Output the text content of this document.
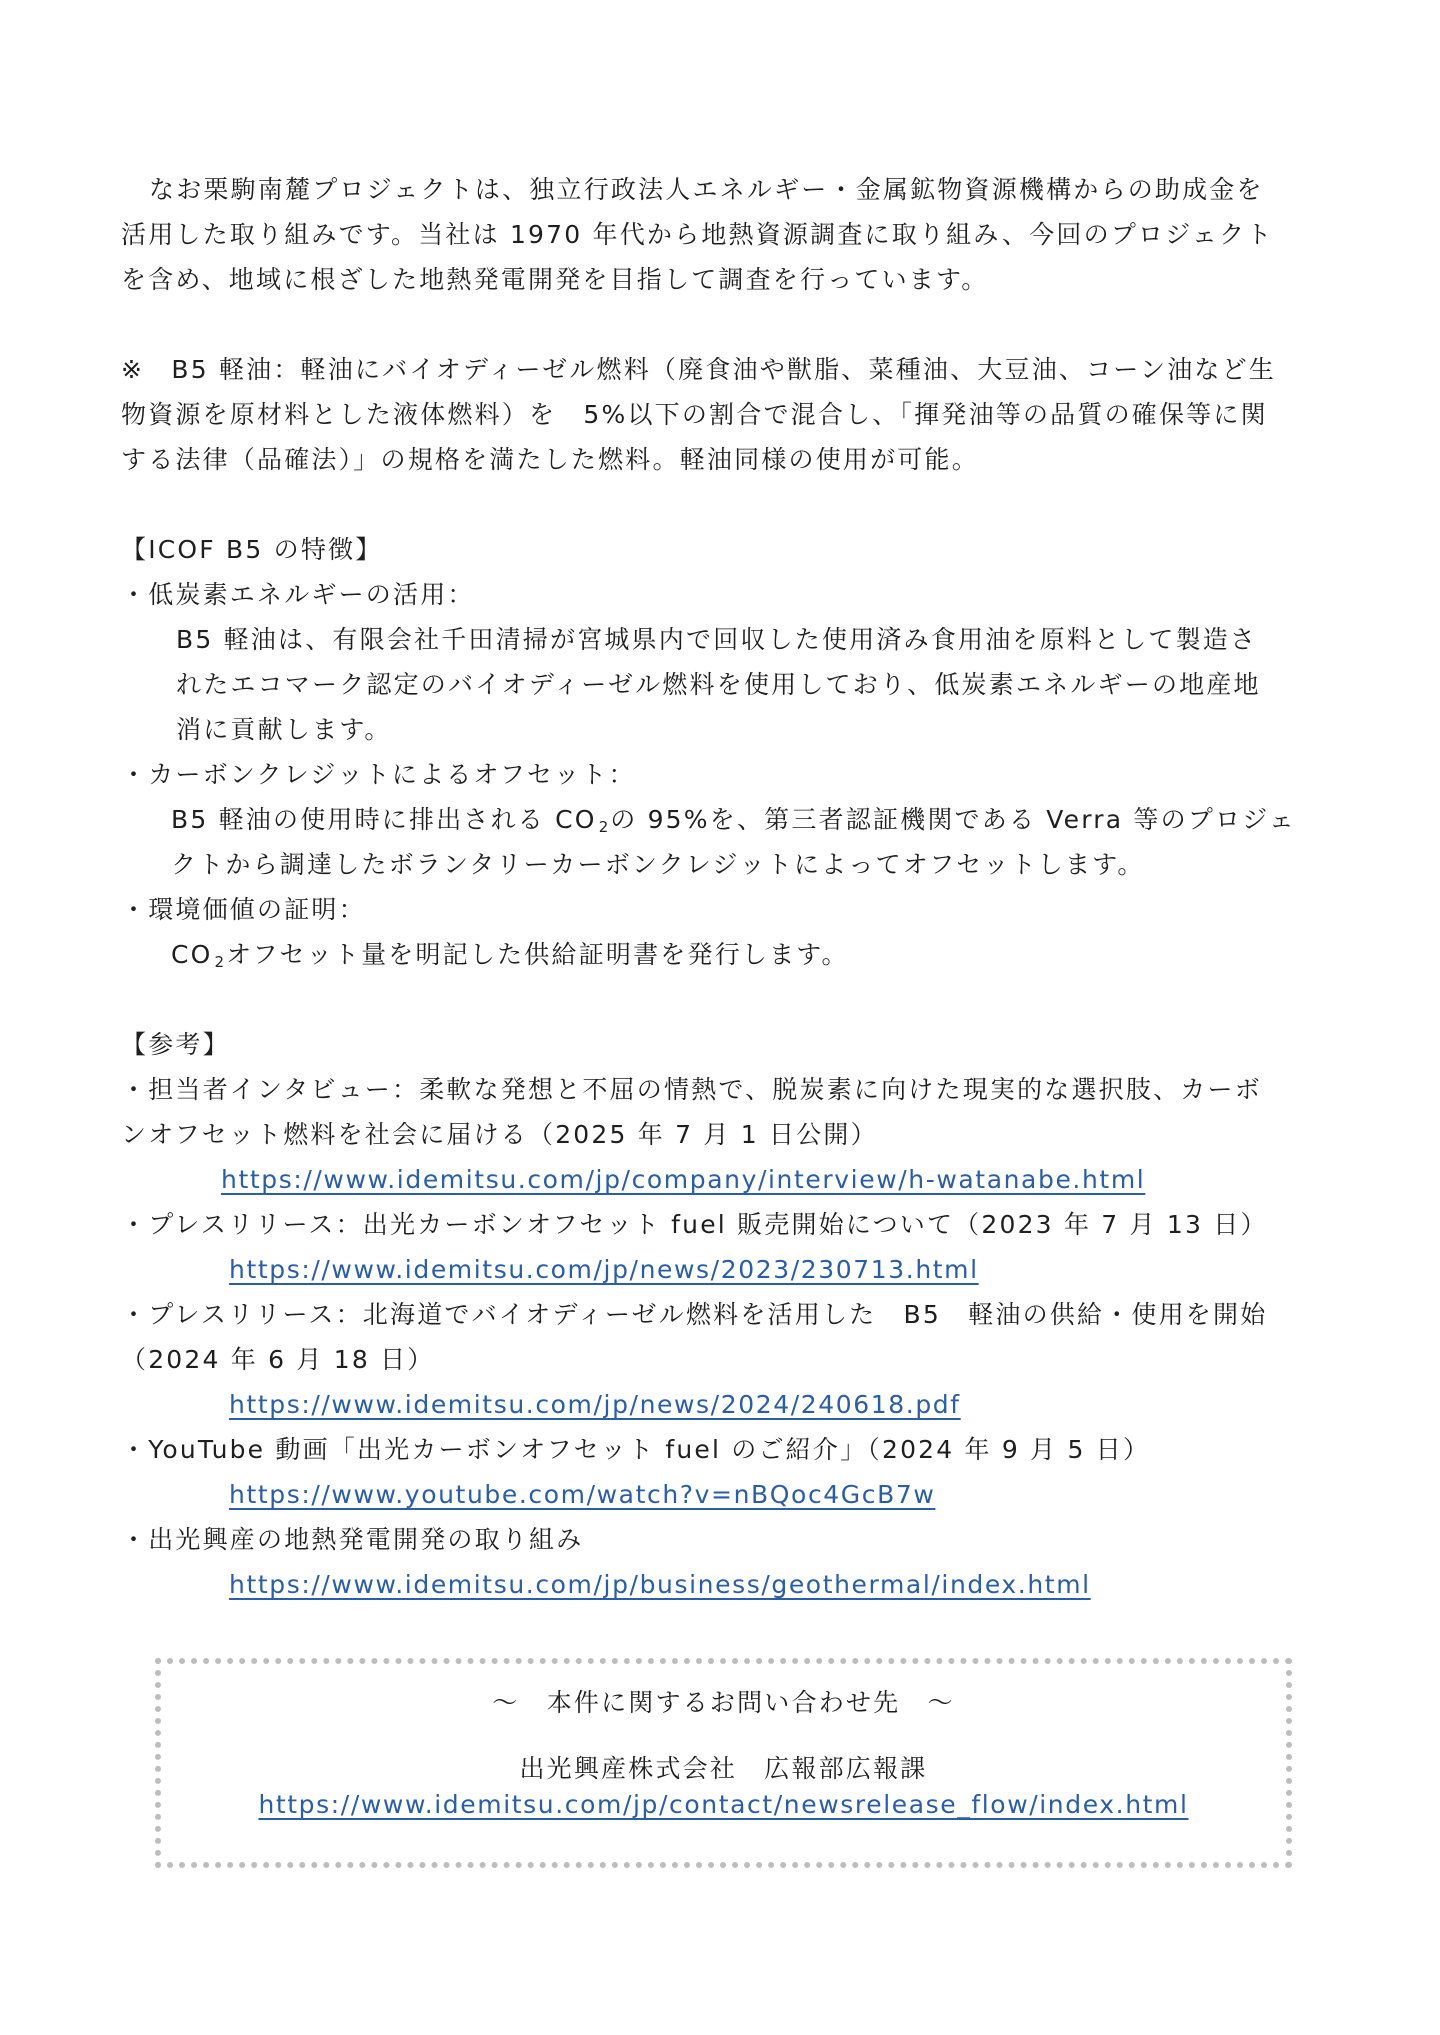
なお栗駒南麓プロジェクトは、独立行政法人エネルギー・金属鉱物資源機構からの助成金を
活用した取り組みです。当社は 1970 年代から地熱資源調査に取り組み、今回のプロジェクト
を含め、地域に根ざした地熱発電開発を目指して調査を行っています。
※　B5 軽油：軽油にバイオディーゼル燃料（廃食油や獣脂、菜種油、大豆油、コーン油など生
物資源を原材料とした液体燃料）を　5%以下の割合で混合し、「揮発油等の品質の確保等に関
する法律（品確法）」の規格を満たした燃料。軽油同様の使用が可能。
【ICOF B5 の特徴】
・低炭素エネルギーの活用：
B5 軽油は、有限会社千田清掃が宮城県内で回収した使用済み食用油を原料として製造さ
れたエコマーク認定のバイオディーゼル燃料を使用しており、低炭素エネルギーの地産地
消に貢献します。
・カーボンクレジットによるオフセット：
B5 軽油の使用時に排出される CO $_2$の 95%を、第三者認証機関である Verra 等のプロジェ
クトから調達したボランタリーカーボンクレジットによってオフセットします。
・環境価値の証明：
CO $_2$オフセット量を明記した供給証明書を発行します。
【参考】
・担当者インタビュー：柔軟な発想と不屈の情熱で、脱炭素に向けた現実的な選択肢、カーボ
ンオフセット燃料を社会に届ける（2025 年 7 月 1 日公開）
https://www.idemitsu.com/jp/company/interview/h-watanabe.html
・プレスリリース：出光カーボンオフセット fuel 販売開始について（2023 年 7 月 13 日）
https://www.idemitsu.com/jp/news/2023/230713.html
・プレスリリース：北海道でバイオディーゼル燃料を活用した　B5　軽油の供給・使用を開始
（2024 年 6 月 18 日）
https://www.idemitsu.com/jp/news/2024/240618.pdf
・YouTube 動画「出光カーボンオフセット fuel のご紹介」（2024 年 9 月 5 日）
https://www.youtube.com/watch?v=nBQoc4GcB7w
・出光興産の地熱発電開発の取り組み
https://www.idemitsu.com/jp/business/geothermal/index.html
～　本件に関するお問い合わせ先　～
出光興産株式会社　広報部広報課
https://www.idemitsu.com/jp/contact/newsrelease_flow/index.html
